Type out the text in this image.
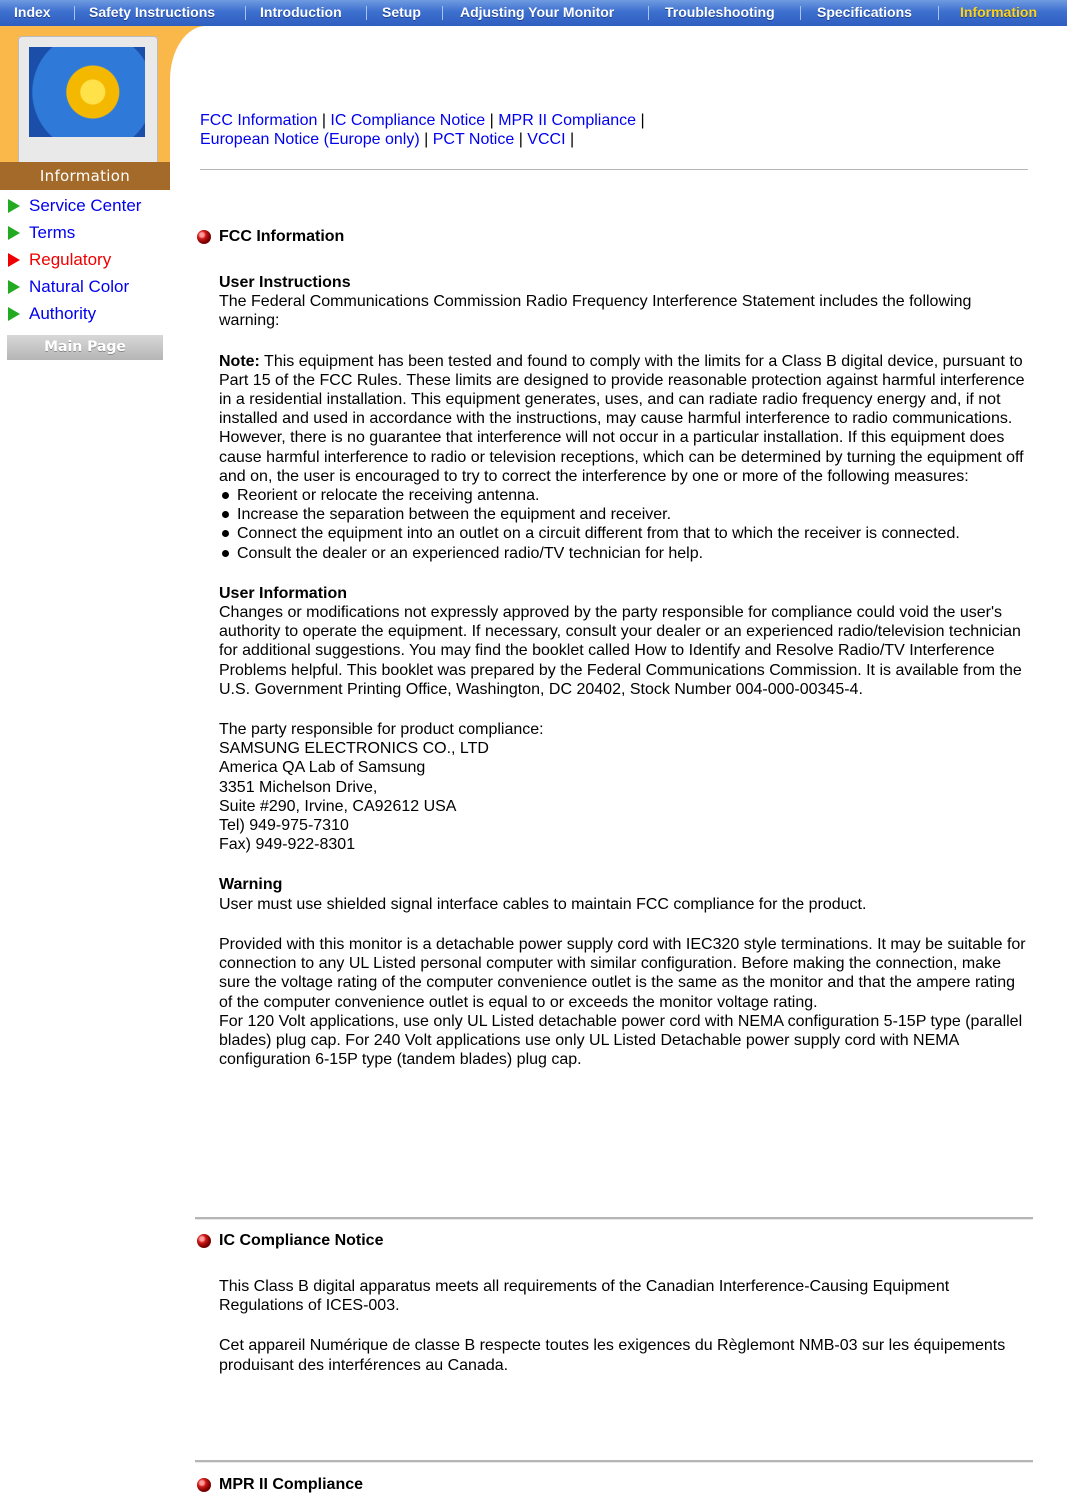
Index	Safety Instructions	Introduction	Setup	Adjusting Your Monitor	Troubleshooting	Specifications	Information
Information
Service Center
Terms
Regulatory
Natural Color
Authority
Main Page
FCC Information | IC Compliance Notice | MPR II Compliance |
European Notice (Europe only) | PCT Notice | VCCI |
FCC Information

User Instructions
The Federal Communications Commission Radio Frequency Interference Statement includes the following warning:

Note: This equipment has been tested and found to comply with the limits for a Class B digital device, pursuant to Part 15 of the FCC Rules. These limits are designed to provide reasonable protection against harmful interference in a residential installation. This equipment generates, uses, and can radiate radio frequency energy and, if not installed and used in accordance with the instructions, may cause harmful interference to radio communications. However, there is no guarantee that interference will not occur in a particular installation. If this equipment does cause harmful interference to radio or television receptions, which can be determined by turning the equipment off and on, the user is encouraged to try to correct the interference by one or more of the following measures:

Reorient or relocate the receiving antenna.
Increase the separation between the equipment and receiver.
Connect the equipment into an outlet on a circuit different from that to which the receiver is connected.
Consult the dealer or an experienced radio/TV technician for help.

User Information
Changes or modifications not expressly approved by the party responsible for compliance could void the user's authority to operate the equipment. If necessary, consult your dealer or an experienced radio/television technician for additional suggestions. You may find the booklet called How to Identify and Resolve Radio/TV Interference Problems helpful. This booklet was prepared by the Federal Communications Commission. It is available from the U.S. Government Printing Office, Washington, DC 20402, Stock Number 004-000-00345-4.

The party responsible for product compliance:
SAMSUNG ELECTRONICS CO., LTD
America QA Lab of Samsung
3351 Michelson Drive,
Suite #290, Irvine, CA92612 USA
Tel) 949-975-7310
Fax) 949-922-8301

Warning
User must use shielded signal interface cables to maintain FCC compliance for the product.

Provided with this monitor is a detachable power supply cord with IEC320 style terminations. It may be suitable for connection to any UL Listed personal computer with similar configuration. Before making the connection, make sure the voltage rating of the computer convenience outlet is the same as the monitor and that the ampere rating of the computer convenience outlet is equal to or exceeds the monitor voltage rating.
For 120 Volt applications, use only UL Listed detachable power cord with NEMA configuration 5-15P type (parallel blades) plug cap. For 240 Volt applications use only UL Listed Detachable power supply cord with NEMA configuration 6-15P type (tandem blades) plug cap.

IC Compliance Notice

This Class B digital apparatus meets all requirements of the Canadian Interference-Causing Equipment Regulations of ICES-003.

Cet appareil Numérique de classe B respecte toutes les exigences du Règlemont NMB-03 sur les équipements produisant des interférences au Canada.

MPR II Compliance
